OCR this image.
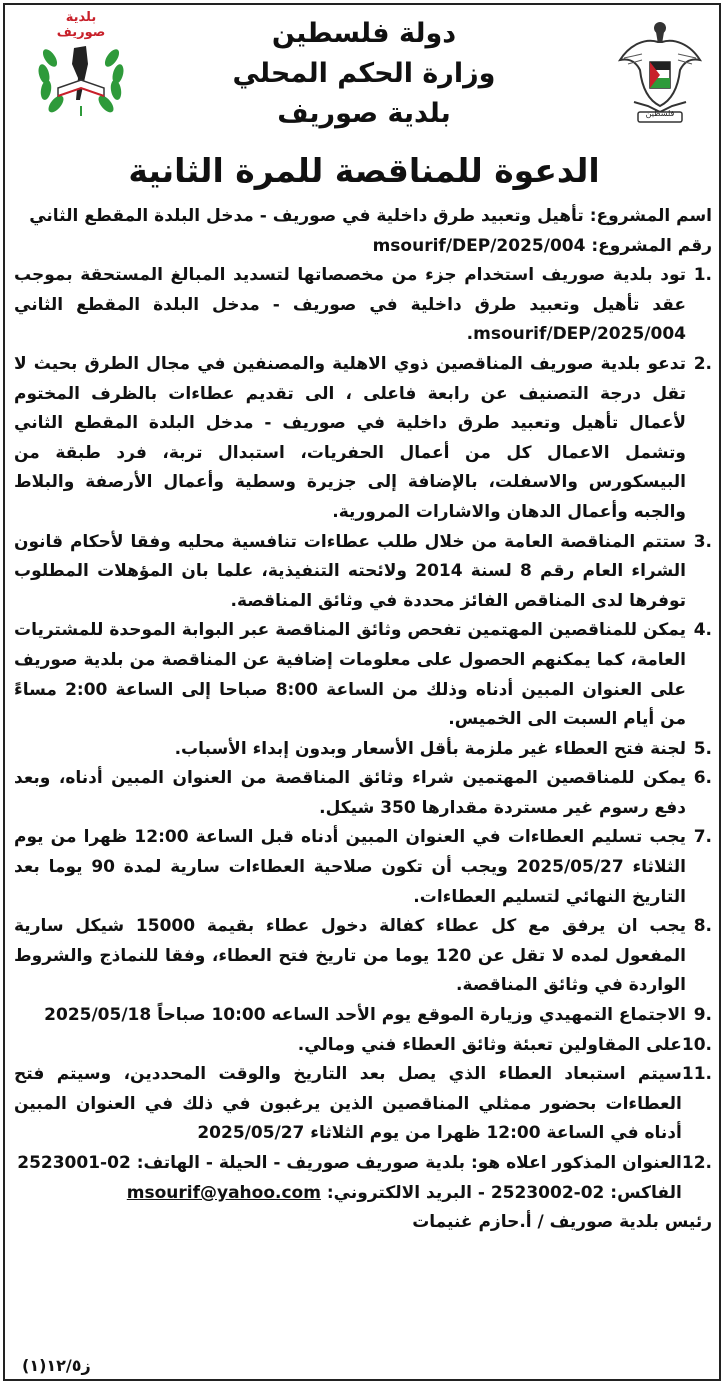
بلدية صوريف	دولة فلسطين
وزارة الحكم المحلي
بلدية صوريف	فلسطين
الدعوة للمناقصة للمرة الثانية

اسم المشروع: تأهيل وتعبيد طرق داخلية في صوريف - مدخل البلدة المقطع الثاني

رقم المشروع: msourif/DEP/2025/004

.1
تود بلدية صوريف استخدام جزء من مخصصاتها لتسديد المبالغ المستحقة بموجب عقد تأهيل وتعبيد طرق داخلية في صوريف - مدخل البلدة المقطع الثاني 004/msourif/DEP/2025.
.2
تدعو بلدية صوريف المناقصين ذوي الاهلية والمصنفين في مجال الطرق بحيث لا تقل درجة التصنيف عن رابعة فاعلى ، الى تقديم عطاءات بالظرف المختوم لأعمال تأهيل وتعبيد طرق داخلية في صوريف - مدخل البلدة المقطع الثاني وتشمل الاعمال كل من أعمال الحفريات، استبدال تربة، فرد طبقة من البيسكورس والاسفلت، بالإضافة إلى جزيرة وسطية وأعمال الأرصفة والبلاط والجبه وأعمال الدهان والاشارات المرورية.
.3
ستتم المناقصة العامة من خلال طلب عطاءات تنافسية محليه وفقا لأحكام قانون الشراء العام رقم 8 لسنة 2014 ولائحته التنفيذية، علما بان المؤهلات المطلوب توفرها لدى المناقص الفائز محددة في وثائق المناقصة.
.4
يمكن للمناقصين المهتمين تفحص وثائق المناقصة عبر البوابة الموحدة للمشتريات العامة، كما يمكنهم الحصول على معلومات إضافية عن المناقصة من بلدية صوريف على العنوان المبين أدناه وذلك من الساعة 8:00 صباحا إلى الساعة 2:00 مساءً من أيام السبت الى الخميس.
.5
لجنة فتح العطاء غير ملزمة بأقل الأسعار وبدون إبداء الأسباب.
.6
يمكن للمناقصين المهتمين شراء وثائق المناقصة من العنوان المبين أدناه، وبعد دفع رسوم غير مستردة مقدارها 350 شيكل.
.7
يجب تسليم العطاءات في العنوان المبين أدناه قبل الساعة 12:00 ظهرا من يوم الثلاثاء 2025/05/27 ويجب أن تكون صلاحية العطاءات سارية لمدة 90 يوما بعد التاريخ النهائي لتسليم العطاءات.
.8
يجب ان يرفق مع كل عطاء كفالة دخول عطاء بقيمة 15000 شيكل سارية المفعول لمده لا تقل عن 120 يوما من تاريخ فتح العطاء، وفقا للنماذج والشروط الواردة في وثائق المناقصة.
.9
الاجتماع التمهيدي وزيارة الموقع يوم الأحد الساعه 10:00 صباحاً 2025/05/18
.10
على المقاولين تعبئة وثائق العطاء فني ومالي.
.11
سيتم استبعاد العطاء الذي يصل بعد التاريخ والوقت المحددين، وسيتم فتح العطاءات بحضور ممثلي المناقصين الذين يرغبون في ذلك في العنوان المبين أدناه في الساعة 12:00 ظهرا من يوم الثلاثاء 2025/05/27
.12
العنوان المذكور اعلاه هو: بلدية صوريف صوريف - الحيلة - الهاتف: 02-2523001
الفاكس: 02-2523002 - البريد الالكتروني: msourif@yahoo.com

رئيس بلدية صوريف / أ.حازم غنيمات

ز١٢/٥(١)
